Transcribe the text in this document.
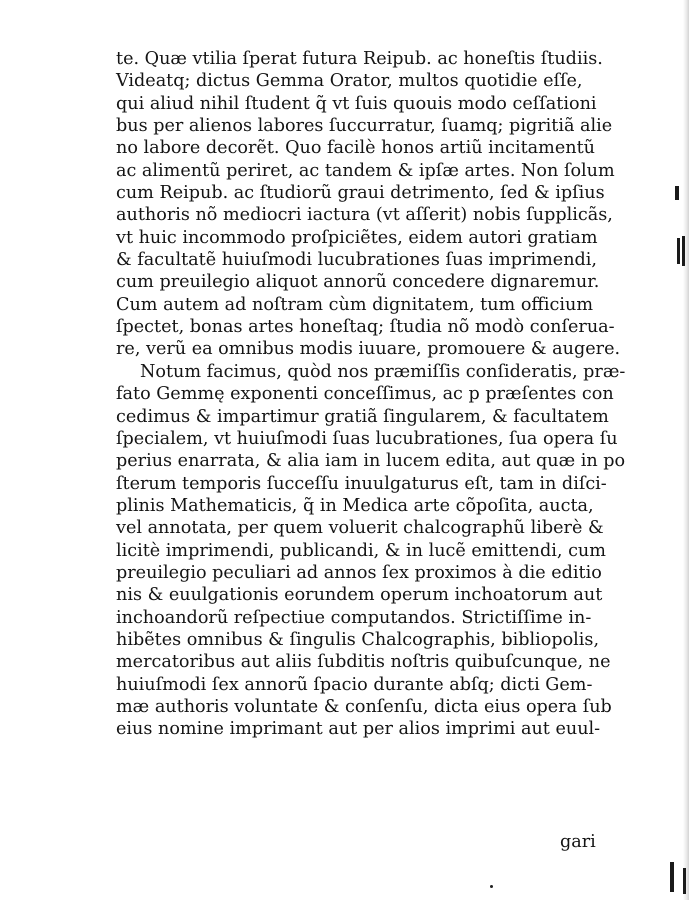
te. Quæ vtilia ſperat futura Reipub. ac honeſtis ſtudiis.
Videatq; dictus Gemma Orator, multos quotidie eſſe,
qui aliud nihil ſtudent q̃ vt ſuis quouis modo ceſſationi
bus per alienos labores ſuccurratur, ſuamq; pigritiã alie
no labore decorẽt. Quo facilè honos artiũ incitamentũ
ac alimentũ periret, ac tandem & ipſæ artes. Non ſolum
cum Reipub. ac ſtudiorũ graui detrimento, ſed & ipſius
authoris nõ mediocri iactura (vt aſſerit) nobis ſupplicãs,
vt huic incommodo proſpiciẽtes, eidem autori gratiam
& facultatẽ huiuſmodi lucubrationes ſuas imprimendi,
cum preuilegio aliquot annorũ concedere dignaremur.
Cum autem ad noſtram cùm dignitatem, tum officium
ſpectet, bonas artes honeſtaq; ſtudia nõ modò conſerua-
re, verũ ea omnibus modis iuuare, promouere & augere.
Notum facimus, quòd nos præmiſſis conſideratis, præ-
fato Gemmę exponenti conceſſimus, ac p præſentes con
cedimus & impartimur gratiã ſingularem, & facultatem
ſpecialem, vt huiuſmodi ſuas lucubrationes, ſua opera ſu
perius enarrata, & alia iam in lucem edita, aut quæ in po
ſterum temporis ſucceſſu inuulgaturus eſt, tam in diſci-
plinis Mathematicis, q̃ in Medica arte cõpoſita, aucta,
vel annotata, per quem voluerit chalcographũ liberè &
licitè imprimendi, publicandi, & in lucẽ emittendi, cum
preuilegio peculiari ad annos ſex proximos à die editio
nis & euulgationis eorundem operum inchoatorum aut
inchoandorũ reſpectiue computandos. Strictiſſime in-
hibẽtes omnibus & ſingulis Chalcographis, bibliopolis,
mercatoribus aut aliis ſubditis noſtris quibuſcunque, ne
huiuſmodi ſex annorũ ſpacio durante abſq; dicti Gem-
mæ authoris voluntate & conſenſu, dicta eius opera ſub
eius nomine imprimant aut per alios imprimi aut euul-
gari
